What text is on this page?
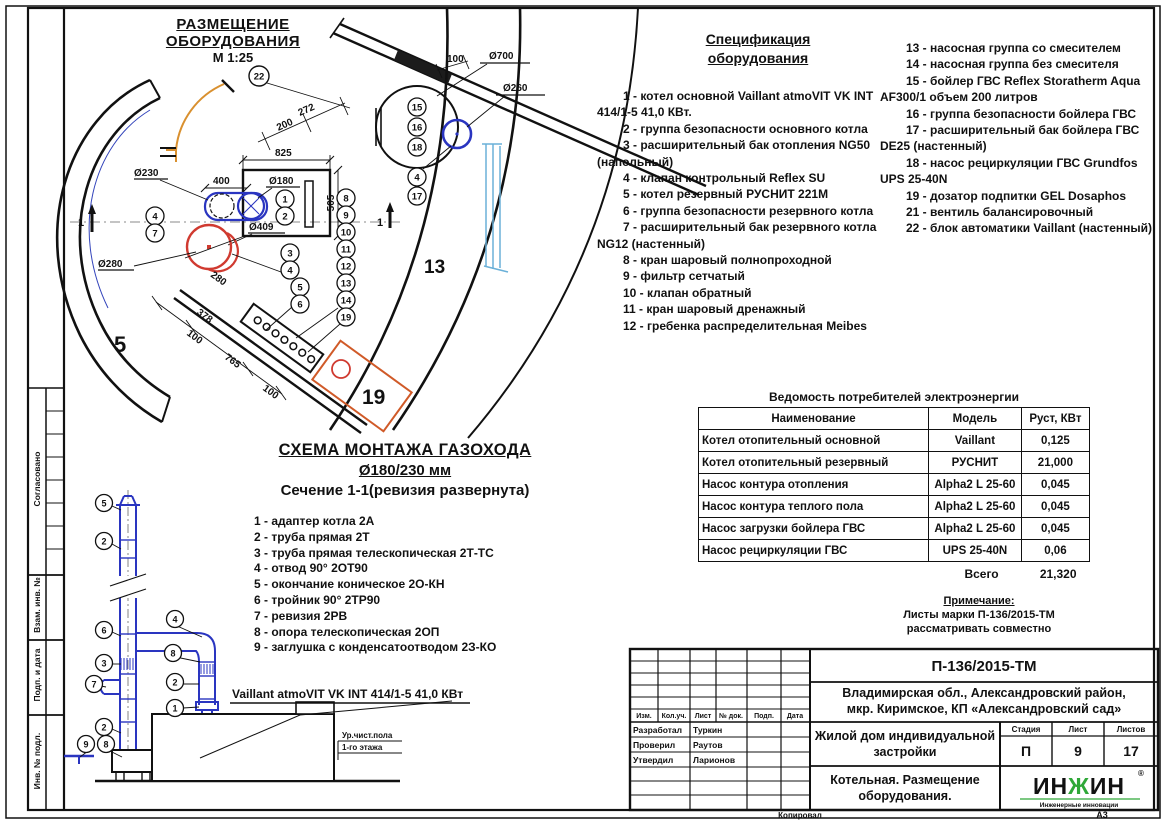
Согласовано
Взам. инв. №
Подп. и дата
Инв. № подл.
100	Ø700
Ø260
200
272
825
400	Ø180
Ø409
505
Ø230
Ø280
280
378
100
765
100
22
15
16
18
4
17
1
2
4
7
3
4
5
6
8
9
10
11
12
13
14
19
5
13
19
1	1
5
2
6
4
8
3
2
7
1
2
9 8
Vaillant atmoVIT VK INT 414/1-5 41,0 КВт
Ур.чист.пола
1-го этажа
П-136/2015-ТМ
Владимирская обл., Александровский район,
мкр. Киримское, КП «Александровский сад»
Жилой дом индивидуальной
застройки
Стадия	Лист	Листов
П	9	17
Котельная. Размещение
оборудования.
Изм. Кол.уч. Лист № док. Подп. Дата
Разработал Туркин
Проверил Раутов
Утвердил Ларионов
ИНЖИН ®
Инженерные инновации
Копировал	А3
РАЗМЕЩЕНИЕ ОБОРУДОВАНИЯ
М 1:25
Спецификация
оборудования
1 - котел основной Vaillant atmoVIT VK INT 414/1-5 41,0 КВт.
2 - группа безопасности основного котла
3 - расширительный бак отопления NG50 (напольный)
4 - клапан контрольный Reflex SU
5 - котел резервный РУСНИТ 221М
6 - группа безопасности резервного котла
7 - расширительный бак резервного котла NG12 (настенный)
8 - кран шаровый полнопроходной
9 - фильтр сетчатый
10 - клапан обратный
11 - кран шаровый дренажный
12 - гребенка распределительная Meibes
13 - насосная группа со смесителем
14 - насосная группа без смесителя
15 - бойлер ГВС Reflex Storatherm Aqua AF300/1 объем 200 литров
16 - группа безопасности бойлера ГВС
17 - расширительный бак бойлера ГВС DE25 (настенный)
18 - насос рециркуляции ГВС Grundfos UPS 25-40N
19 - дозатор подпитки GEL Dosaphos
21 - вентиль балансировочный
22 - блок автоматики Vaillant (настенный)
Ведомость потребителей электроэнергии
Наименование	Модель	Руст, КВт
Котел отопительный основной	Vaillant	0,125
Котел отопительный резервный	РУСНИТ	21,000
Насос контура отопления	Alpha2 L 25-60	0,045
Насос контура теплого пола	Alpha2 L 25-60	0,045
Насос загрузки бойлера ГВС	Alpha2 L 25-60	0,045
Насос рециркуляции ГВС	UPS 25-40N	0,06
Всего	21,320
Примечание:
Листы марки П-136/2015-ТМ
рассматривать совместно
СХЕМА МОНТАЖА ГАЗОХОДА
Ø180/230 мм
Сечение 1-1(ревизия развернута)
1 - адаптер котла 2А
2 - труба прямая 2Т
3 - труба прямая телескопическая 2Т-ТС
4 - отвод 90° 2ОТ90
5 - окончание коническое 2О-КН
6 - тройник 90° 2ТР90
7 - ревизия 2РВ
8 - опора телескопическая 2ОП
9 - заглушка с конденсатоотводом 2З-КО
